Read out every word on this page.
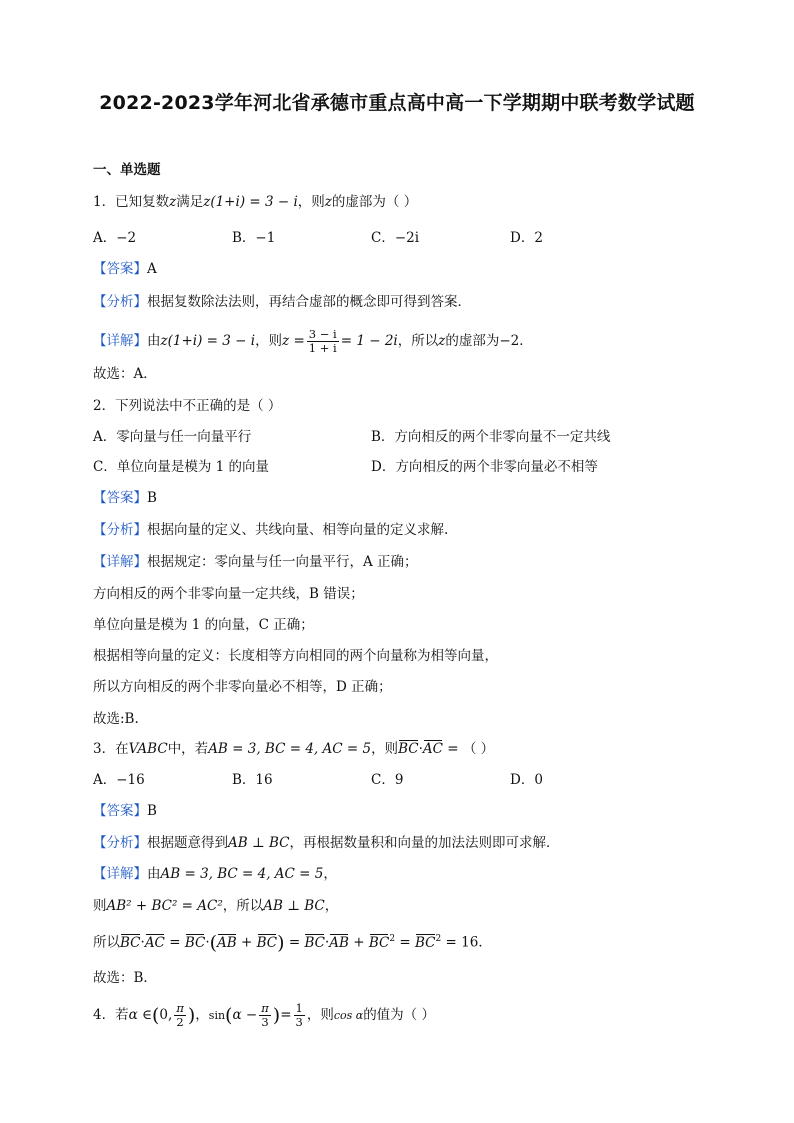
2022-2023学年河北省承德市重点高中高一下学期期中联考数学试题
一、单选题
1．已知复数z满足z(1+i) = 3 − i，则z的虚部为（ ）
A．−2	B．−1	C．−2i	D．2
【答案】A
【分析】根据复数除法法则，再结合虚部的概念即可得到答案．
【详解】由z(1+i) = 3 − i，则$z = \frac{3 - i}{1 + i} = 1 - 2i$，所以z的虚部为−2．
故选：A．
2．下列说法中不正确的是（ ）
A．零向量与任一向量平行	B．方向相反的两个非零向量不一定共线
C．单位向量是模为 1 的向量	D．方向相反的两个非零向量必不相等
【答案】B
【分析】根据向量的定义、共线向量、相等向量的定义求解.
【详解】根据规定：零向量与任一向量平行，A 正确；
方向相反的两个非零向量一定共线，B 错误；
单位向量是模为 1 的向量，C 正确；
根据相等向量的定义：长度相等方向相同的两个向量称为相等向量，
所以方向相反的两个非零向量必不相等，D 正确；
故选:B.
3．在VABC中，若AB = 3, BC = 4, AC = 5，则BC·AC = （ ）
A．−16	B．16	C．9	D．0
【答案】B
【分析】根据题意得到AB ⊥ BC，再根据数量积和向量的加法法则即可求解．
【详解】由AB = 3, BC = 4, AC = 5，
则AB² + BC² = AC²，所以AB ⊥ BC，
所以$BC\cdot AC = BC\cdot(AB + BC) = BC\cdot AB + BC^2 = BC^2 = 16$．
故选：B．
4．若α ∈(0, $\frac{\pi}{2}$ )，$\sin(\alpha - \frac{\pi}{3}$ )= $\frac{1}{3}$ ，则cos α的值为（ ）
